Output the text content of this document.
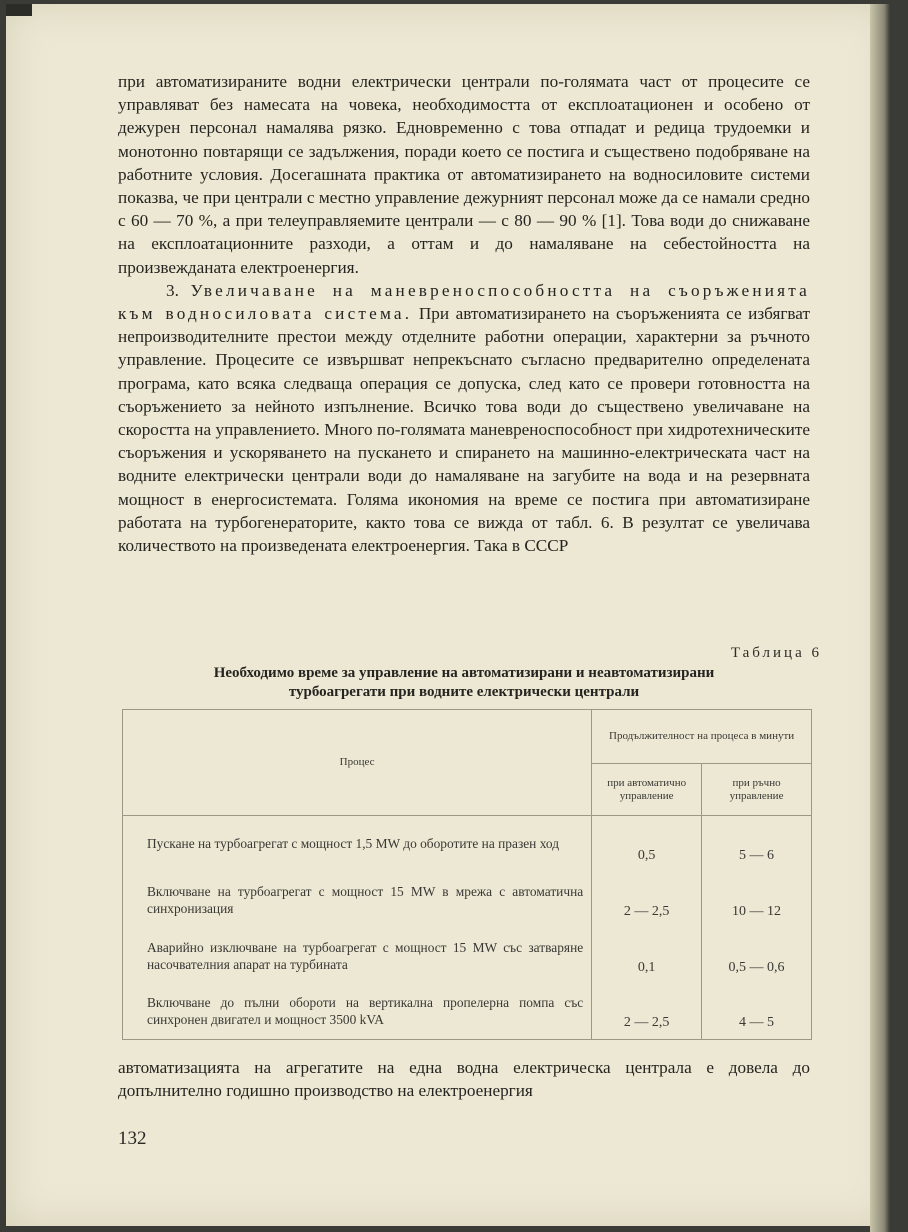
при автоматизираните водни електрически централи по-голямата част от процесите се управляват без намесата на човека, необходимостта от експлоатационен и особено от дежурен персонал намалява рязко. Едновременно с това отпадат и редица трудоемки и монотонно повтарящи се задължения, поради което се постига и съществено подобряване на работните условия. Досегашната практика от автоматизирането на водносиловите системи показва, че при централи с местно управление дежурният персонал може да се намали средно с 60 — 70 %, а при телеуправляемите централи — с 80 — 90 % [1]. Това води до снижаване на експлоатационните разходи, а оттам и до намаляване на себестойността на произвежданата електроенергия.

3. Увеличаване на маневреноспособността на съоръженията към водносиловата система. При автоматизирането на съоръженията се избягват непроизводителните престои между отделните работни операции, характерни за ръчното управление. Процесите се извършват непрекъснато съгласно предварително определената програма, като всяка следваща операция се допуска, след като се провери готовността на съоръжението за нейното изпълнение. Всичко това води до съществено увеличаване на скоростта на управлението. Много по-голямата маневреноспособност при хидротехническите съоръжения и ускоряването на пускането и спирането на машинно-електрическата част на водните електрически централи води до намаляване на загубите на вода и на резервната мощност в енергосистемата. Голяма икономия на време се постига при автоматизиране работата на турбогенераторите, както това се вижда от табл. 6. В резултат се увеличава количеството на произведената електроенергия. Така в СССР

Таблица 6
Необходимо време за управление на автоматизирани и неавтоматизирани
турбоагрегати при водните електрически централи
Процес	Продължителност на процеса в минути	
	при автоматично управление	при ръчно управление
Пускане на турбоагрегат с мощност 1,5 MW до оборотите на празен ход	0,5	5 — 6
Включване на турбоагрегат с мощност 15 MW в мрежа с автоматична синхронизация	2 — 2,5	10 — 12
Аварийно изключване на турбоагрегат с мощност 15 MW със затваряне насочвателния апарат на турбината	0,1	0,5 — 0,6
Включване до пълни обороти на вертикална пропелерна помпа със синхронен двигател и мощност 3500 kVA	2 — 2,5	4 — 5

автоматизацията на агрегатите на една водна електрическа централа е довела до допълнително годишно производство на електроенергия

132
